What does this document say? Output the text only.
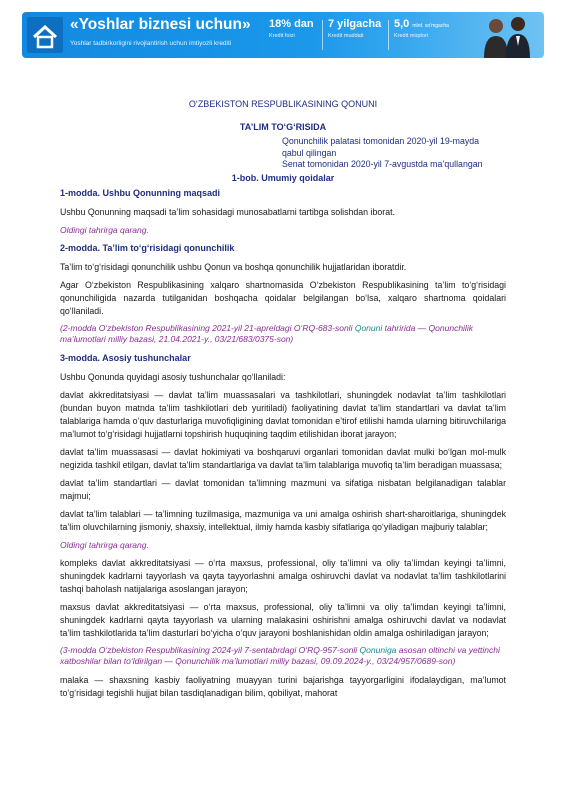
«Yoshlar biznesi uchun»
Yoshlar tadbirkorligini rivojlantirish uchun imtiyozli krediti
18% dan
Kredit foizi
7 yilgacha
Kredit muddati
5,0 mlrd. so'mgacha
Kredit miqdori
O‘ZBEKISTON RESPUBLIKASINING QONUNI
TA’LIM TO‘G‘RISIDA
Qonunchilik palatasi tomonidan 2020-yil 19-mayda qabul qilingan
Senat tomonidan 2020-yil 7-avgustda ma’qullangan
1-bob. Umumiy qoidalar
1-modda. Ushbu Qonunning maqsadi

Ushbu Qonunning maqsadi ta’lim sohasidagi munosabatlarni tartibga solishdan iborat.

Oldingi tahrirga qarang.

2-modda. Ta’lim to‘g‘risidagi qonunchilik

Ta’lim to‘g‘risidagi qonunchilik ushbu Qonun va boshqa qonunchilik hujjatlaridan iboratdir.

Agar O‘zbekiston Respublikasining xalqaro shartnomasida O‘zbekiston Respublikasining ta’lim to‘g‘risidagi qonunchiligida nazarda tutilganidan boshqacha qoidalar belgilangan bo‘lsa, xalqaro shartnoma qoidalari qo‘llaniladi.

(2-modda O‘zbekiston Respublikasining 2021-yil 21-apreldagi O‘RQ-683-sonli Qonuni tahririda — Qonunchilik ma’lumotlari milliy bazasi, 21.04.2021-y., 03/21/683/0375-son)

3-modda. Asosiy tushunchalar

Ushbu Qonunda quyidagi asosiy tushunchalar qo‘llaniladi:

davlat akkreditatsiyasi — davlat ta’lim muassasalari va tashkilotlari, shuningdek nodavlat ta’lim tashkilotlari (bundan buyon matnda ta’lim tashkilotlari deb yuritiladi) faoliyatining davlat ta’lim standartlari va davlat ta’lim talablariga hamda o‘quv dasturlariga muvofiqligining davlat tomonidan e’tirof etilishi hamda ularning bitiruvchilariga ma’lumot to‘g‘risidagi hujjatlarni topshirish huquqining taqdim etilishidan iborat jarayon;

davlat ta’lim muassasasi — davlat hokimiyati va boshqaruvi organlari tomonidan davlat mulki bo‘lgan mol-mulk negizida tashkil etilgan, davlat ta’lim standartlariga va davlat ta’lim talablariga muvofiq ta’lim beradigan muassasa;

davlat ta’lim standartlari — davlat tomonidan ta’limning mazmuni va sifatiga nisbatan belgilanadigan talablar majmui;

davlat ta’lim talablari — ta’limning tuzilmasiga, mazmuniga va uni amalga oshirish shart-sharoitlariga, shuningdek ta’lim oluvchilarning jismoniy, shaxsiy, intellektual, ilmiy hamda kasbiy sifatlariga qo‘yiladigan majburiy talablar;

Oldingi tahrirga qarang.

kompleks davlat akkreditatsiyasi — o‘rta maxsus, professional, oliy ta’limni va oliy ta’limdan keyingi ta’limni, shuningdek kadrlarni tayyorlash va qayta tayyorlashni amalga oshiruvchi davlat va nodavlat ta’lim tashkilotlarini tashqi baholash natijalariga asoslangan jarayon;

maxsus davlat akkreditatsiyasi — o‘rta maxsus, professional, oliy ta’limni va oliy ta’limdan keyingi ta’limni, shuningdek kadrlarni qayta tayyorlash va ularning malakasini oshirishni amalga oshiruvchi davlat va nodavlat ta’lim tashkilotlarida ta’lim dasturlari bo‘yicha o‘quv jarayoni boshlanishidan oldin amalga oshiriladigan jarayon;

(3-modda O‘zbekiston Respublikasining 2024-yil 7-sentabrdagi O‘RQ-957-sonli Qonuniga asosan oltinchi va yettinchi xatboshilar bilan to‘ldirilgan — Qonunchilik ma’lumotlari milliy bazasi, 09.09.2024-y., 03/24/957/0689-son)

malaka — shaxsning kasbiy faoliyatning muayyan turini bajarishga tayyorgarligini ifodalaydigan, ma’lumot to‘g‘risidagi tegishli hujjat bilan tasdiqlanadigan bilim, qobiliyat, mahorat
